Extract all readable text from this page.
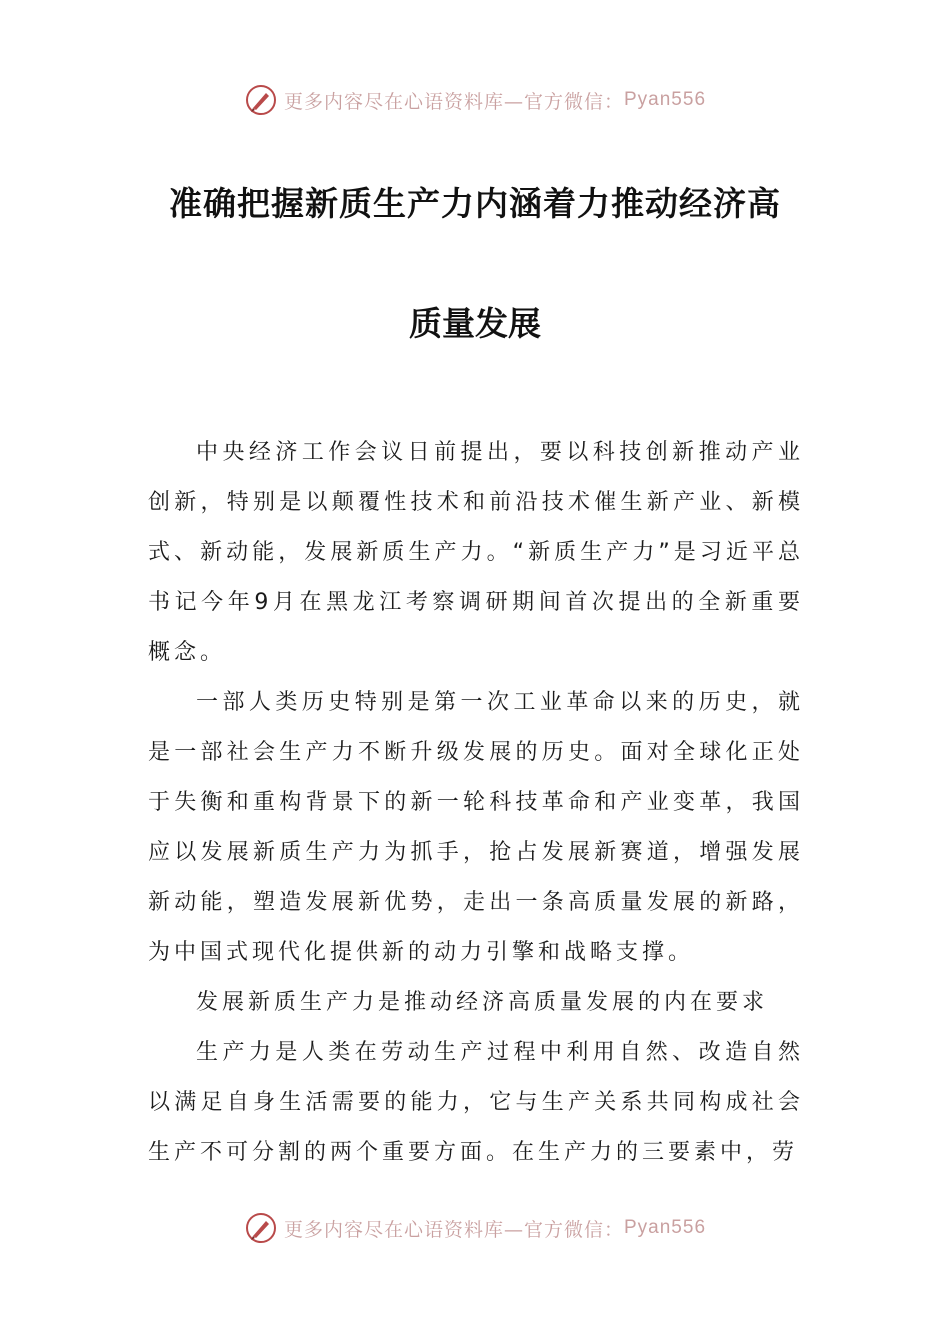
更多内容尽在心语资料库—官方微信： Pyan556
准确把握新质生产力内涵着力推动经济高
质量发展

中央经济工作会议日前提出，要以科技创新推动产业创新，特别是以颠覆性技术和前沿技术催生新产业、新模式、新动能，发展新质生产力。“新质生产力”是习近平总书记今年9月在黑龙江考察调研期间首次提出的全新重要概念。

一部人类历史特别是第一次工业革命以来的历史，就是一部社会生产力不断升级发展的历史。面对全球化正处于失衡和重构背景下的新一轮科技革命和产业变革，我国应以发展新质生产力为抓手，抢占发展新赛道，增强发展新动能，塑造发展新优势，走出一条高质量发展的新路，为中国式现代化提供新的动力引擎和战略支撑。

发展新质生产力是推动经济高质量发展的内在要求

生产力是人类在劳动生产过程中利用自然、改造自然以满足自身生活需要的能力，它与生产关系共同构成社会生产不可分割的两个重要方面。在生产力的三要素中，劳

更多内容尽在心语资料库—官方微信： Pyan556
